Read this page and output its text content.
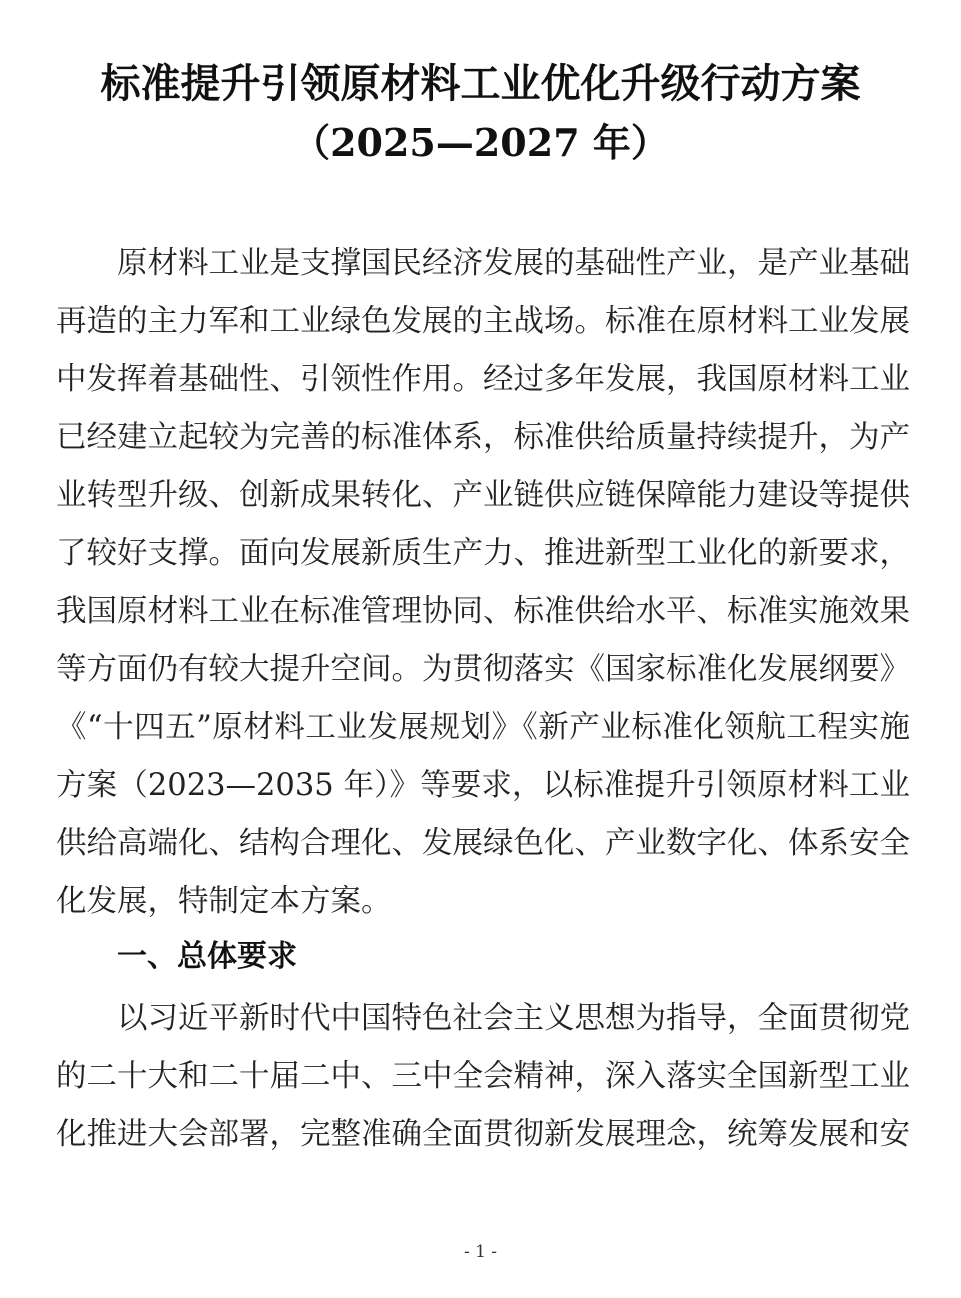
标准提升引领原材料工业优化升级行动方案
（2025—2027 年）

原材料工业是支撑国民经济发展的基础性产业，是产业基础再造的主力军和工业绿色发展的主战场。标准在原材料工业发展中发挥着基础性、引领性作用。经过多年发展，我国原材料工业已经建立起较为完善的标准体系，标准供给质量持续提升，为产业转型升级、创新成果转化、产业链供应链保障能力建设等提供了较好支撑。面向发展新质生产力、推进新型工业化的新要求，我国原材料工业在标准管理协同、标准供给水平、标准实施效果等方面仍有较大提升空间。为贯彻落实《国家标准化发展纲要》《“十四五”原材料工业发展规划》《新产业标准化领航工程实施方案（2023—2035 年）》等要求，以标准提升引领原材料工业供给高端化、结构合理化、发展绿色化、产业数字化、体系安全化发展，特制定本方案。

一、总体要求

以习近平新时代中国特色社会主义思想为指导，全面贯彻党的二十大和二十届二中、三中全会精神，深入落实全国新型工业化推进大会部署，完整准确全面贯彻新发展理念，统筹发展和安

- 1 -
